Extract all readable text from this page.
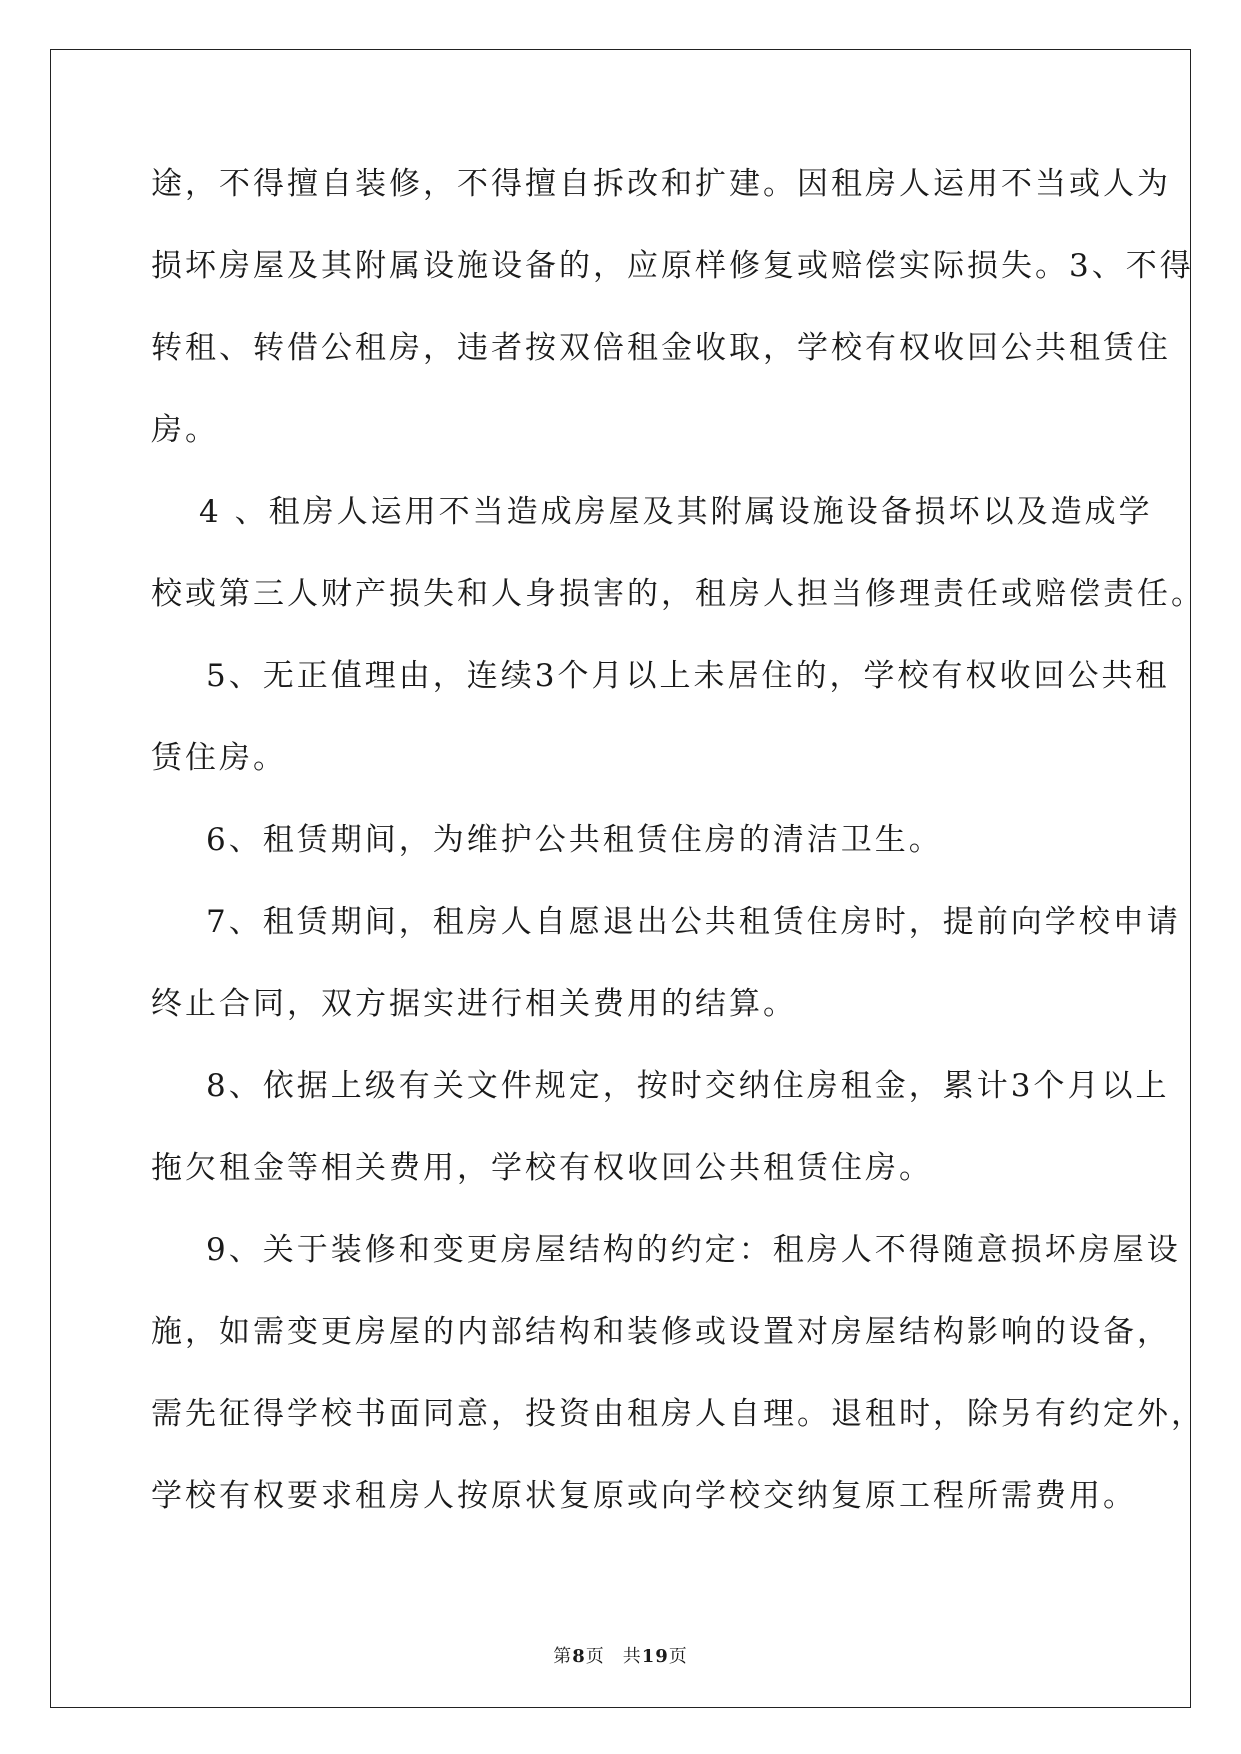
途，不得擅自装修，不得擅自拆改和扩建。因租房人运用不当或人为
损坏房屋及其附属设施设备的，应原样修复或赔偿实际损失。3、不得
转租、转借公租房，违者按双倍租金收取，学校有权收回公共租赁住
房。
4 、租房人运用不当造成房屋及其附属设施设备损坏以及造成学
校或第三人财产损失和人身损害的，租房人担当修理责任或赔偿责任。
5、无正值理由，连续3个月以上未居住的，学校有权收回公共租
赁住房。
6、租赁期间，为维护公共租赁住房的清洁卫生。
7、租赁期间，租房人自愿退出公共租赁住房时，提前向学校申请
终止合同，双方据实进行相关费用的结算。
8、依据上级有关文件规定，按时交纳住房租金，累计3个月以上
拖欠租金等相关费用，学校有权收回公共租赁住房。
9、关于装修和变更房屋结构的约定：租房人不得随意损坏房屋设
施，如需变更房屋的内部结构和装修或设置对房屋结构影响的设备，
需先征得学校书面同意，投资由租房人自理。退租时，除另有约定外，
学校有权要求租房人按原状复原或向学校交纳复原工程所需费用。
第8页 共19页
